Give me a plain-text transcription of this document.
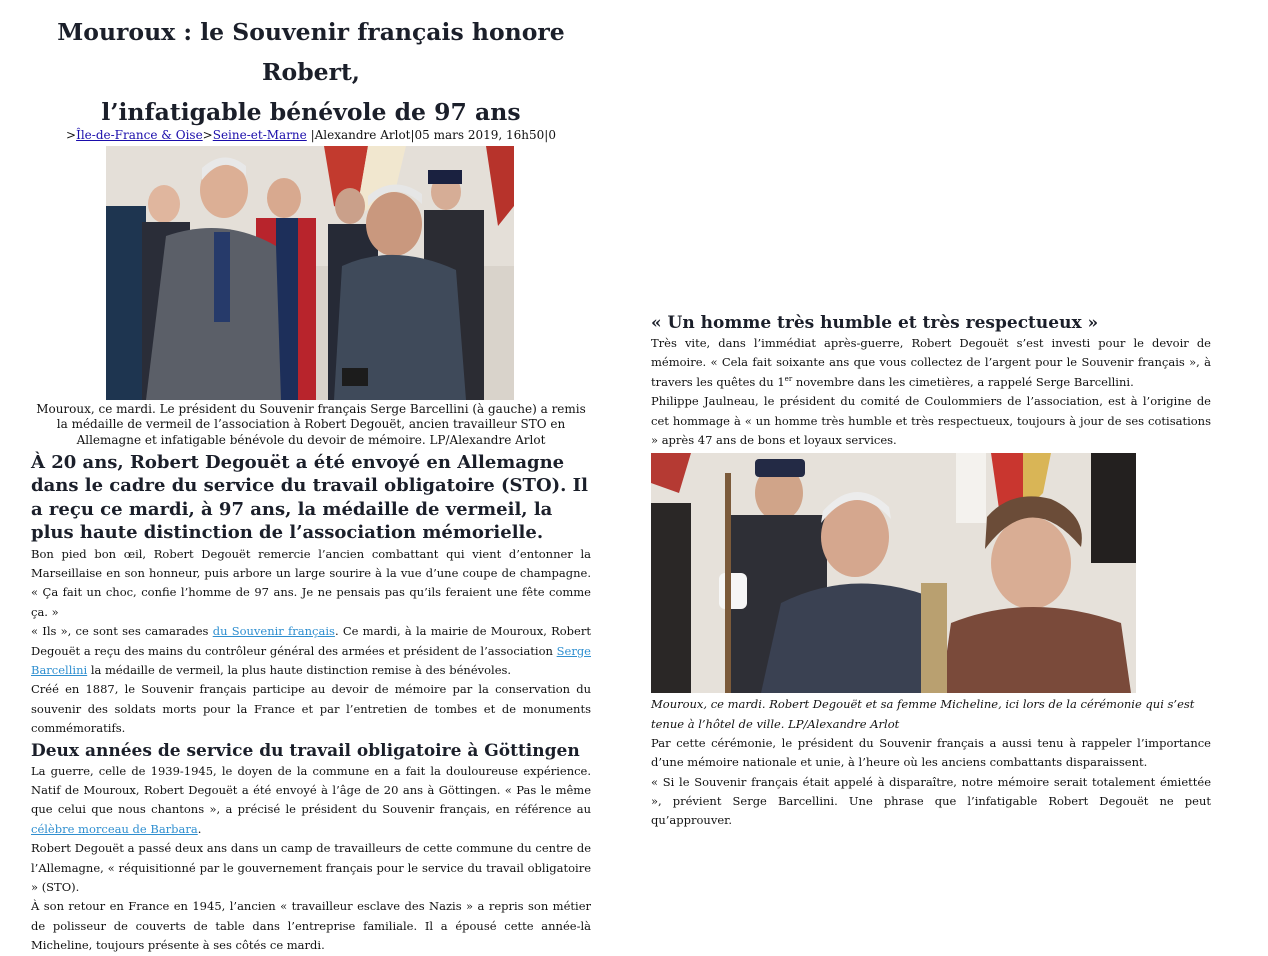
Mouroux : le Souvenir français honore Robert,
l’infatigable bénévole de 97 ans
>Île-de-France & Oise>Seine-et-Marne |Alexandre Arlot|05 mars 2019, 16h50|0
Mouroux, ce mardi. Le président du Souvenir français Serge Barcellini (à gauche) a remis la médaille de vermeil de l’association à Robert Degouët, ancien travailleur STO en Allemagne et infatigable bénévole du devoir de mémoire. LP/Alexandre Arlot
À 20 ans, Robert Degouët a été envoyé en Allemagne dans le cadre du service du travail obligatoire (STO). Il a reçu ce mardi, à 97 ans, la médaille de vermeil, la plus haute distinction de l’association mémorielle.

Bon pied bon œil, Robert Degouët remercie l’ancien combattant qui vient d’entonner la Marseillaise en son honneur, puis arbore un large sourire à la vue d’une coupe de champagne. « Ça fait un choc, confie l’homme de 97 ans. Je ne pensais pas qu’ils feraient une fête comme ça. »

« Ils », ce sont ses camarades du Souvenir français. Ce mardi, à la mairie de Mouroux, Robert Degouët a reçu des mains du contrôleur général des armées et président de l’association Serge Barcellini la médaille de vermeil, la plus haute distinction remise à des bénévoles.

Créé en 1887, le Souvenir français participe au devoir de mémoire par la conservation du souvenir des soldats morts pour la France et par l’entretien de tombes et de monuments commémoratifs.

Deux années de service du travail obligatoire à Göttingen

La guerre, celle de 1939-1945, le doyen de la commune en a fait la douloureuse expérience. Natif de Mouroux, Robert Degouët a été envoyé à l’âge de 20 ans à Göttingen. « Pas le même que celui que nous chantons », a précisé le président du Souvenir français, en référence au célèbre morceau de Barbara.

Robert Degouët a passé deux ans dans un camp de travailleurs de cette commune du centre de l’Allemagne, « réquisitionné par le gouvernement français pour le service du travail obligatoire » (STO).

À son retour en France en 1945, l’ancien « travailleur esclave des Nazis » a repris son métier de polisseur de couverts de table dans l’entreprise familiale. Il a épousé cette année-là Micheline, toujours présente à ses côtés ce mardi.

« Un homme très humble et très respectueux »

Très vite, dans l’immédiat après-guerre, Robert Degouët s’est investi pour le devoir de mémoire. « Cela fait soixante ans que vous collectez de l’argent pour le Souvenir français », à travers les quêtes du 1er novembre dans les cimetières, a rappelé Serge Barcellini.

Philippe Jaulneau, le président du comité de Coulommiers de l’association, est à l’origine de cet hommage à « un homme très humble et très respectueux, toujours à jour de ses cotisations » après 47 ans de bons et loyaux services.

Mouroux, ce mardi. Robert Degouët et sa femme Micheline, ici lors de la cérémonie qui s’est tenue à l’hôtel de ville. LP/Alexandre Arlot

Par cette cérémonie, le président du Souvenir français a aussi tenu à rappeler l’importance d’une mémoire nationale et unie, à l’heure où les anciens combattants disparaissent.

« Si le Souvenir français était appelé à disparaître, notre mémoire serait totalement émiettée », prévient Serge Barcellini. Une phrase que l’infatigable Robert Degouët ne peut qu’approuver.
